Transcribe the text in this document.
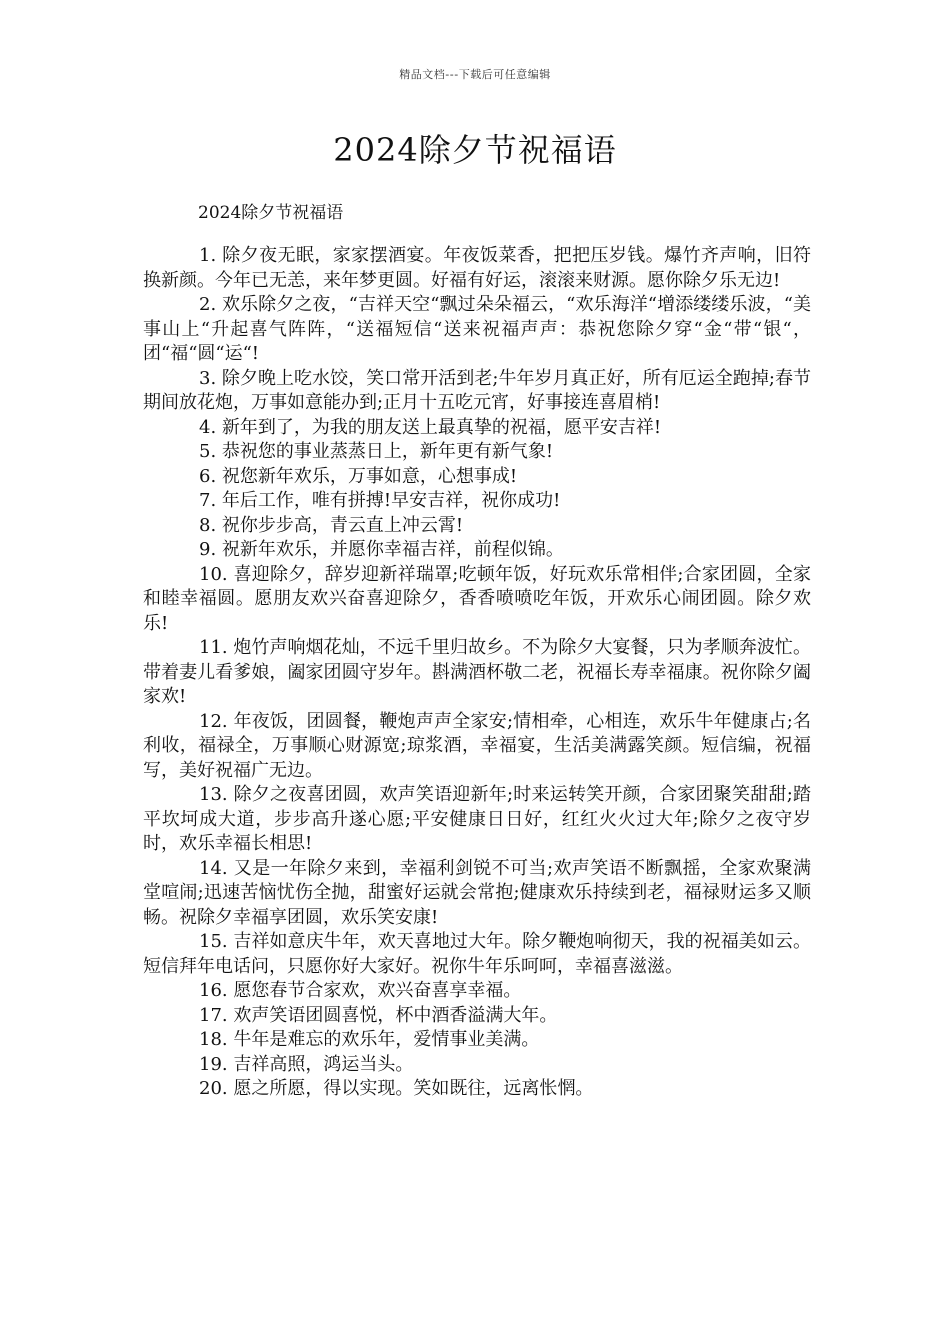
精品文档---下载后可任意编辑
2024除夕节祝福语
2024除夕节祝福语

1. 除夕夜无眠，家家摆酒宴。年夜饭菜香，把把压岁钱。爆竹齐声响，旧符换新颜。今年已无恙，来年梦更圆。好福有好运，滚滚来财源。愿你除夕乐无边!

2. 欢乐除夕之夜，“吉祥天空“飘过朵朵福云，“欢乐海洋“增添缕缕乐波，“美事山上“升起喜气阵阵，“送福短信“送来祝福声声：恭祝您除夕穿“金“带“银“，团“福“圆“运“!

3. 除夕晚上吃水饺，笑口常开活到老;牛年岁月真正好，所有厄运全跑掉;春节期间放花炮，万事如意能办到;正月十五吃元宵，好事接连喜眉梢!

4. 新年到了，为我的朋友送上最真挚的祝福，愿平安吉祥!

5. 恭祝您的事业蒸蒸日上，新年更有新气象!

6. 祝您新年欢乐，万事如意，心想事成!

7. 年后工作，唯有拼搏!早安吉祥，祝你成功!

8. 祝你步步高，青云直上冲云霄!

9. 祝新年欢乐，并愿你幸福吉祥，前程似锦。

10. 喜迎除夕，辞岁迎新祥瑞罩;吃顿年饭，好玩欢乐常相伴;合家团圆，全家和睦幸福圆。愿朋友欢兴奋喜迎除夕，香香喷喷吃年饭，开欢乐心闹团圆。除夕欢乐!

11. 炮竹声响烟花灿，不远千里归故乡。不为除夕大宴餐，只为孝顺奔波忙。带着妻儿看爹娘，阖家团圆守岁年。斟满酒杯敬二老，祝福长寿幸福康。祝你除夕阖家欢!

12. 年夜饭，团圆餐，鞭炮声声全家安;情相牵，心相连，欢乐牛年健康占;名利收，福禄全，万事顺心财源宽;琼浆酒，幸福宴，生活美满露笑颜。短信编，祝福写，美好祝福广无边。

13. 除夕之夜喜团圆，欢声笑语迎新年;时来运转笑开颜，合家团聚笑甜甜;踏平坎坷成大道，步步高升遂心愿;平安健康日日好，红红火火过大年;除夕之夜守岁时，欢乐幸福长相思!

14. 又是一年除夕来到，幸福利剑锐不可当;欢声笑语不断飘摇，全家欢聚满堂喧闹;迅速苦恼忧伤全抛，甜蜜好运就会常抱;健康欢乐持续到老，福禄财运多又顺畅。祝除夕幸福享团圆，欢乐笑安康!

15. 吉祥如意庆牛年，欢天喜地过大年。除夕鞭炮响彻天，我的祝福美如云。短信拜年电话问，只愿你好大家好。祝你牛年乐呵呵，幸福喜滋滋。

16. 愿您春节合家欢，欢兴奋喜享幸福。

17. 欢声笑语团圆喜悦，杯中酒香溢满大年。

18. 牛年是难忘的欢乐年，爱情事业美满。

19. 吉祥高照，鸿运当头。

20. 愿之所愿，得以实现。笑如既往，远离怅惘。
